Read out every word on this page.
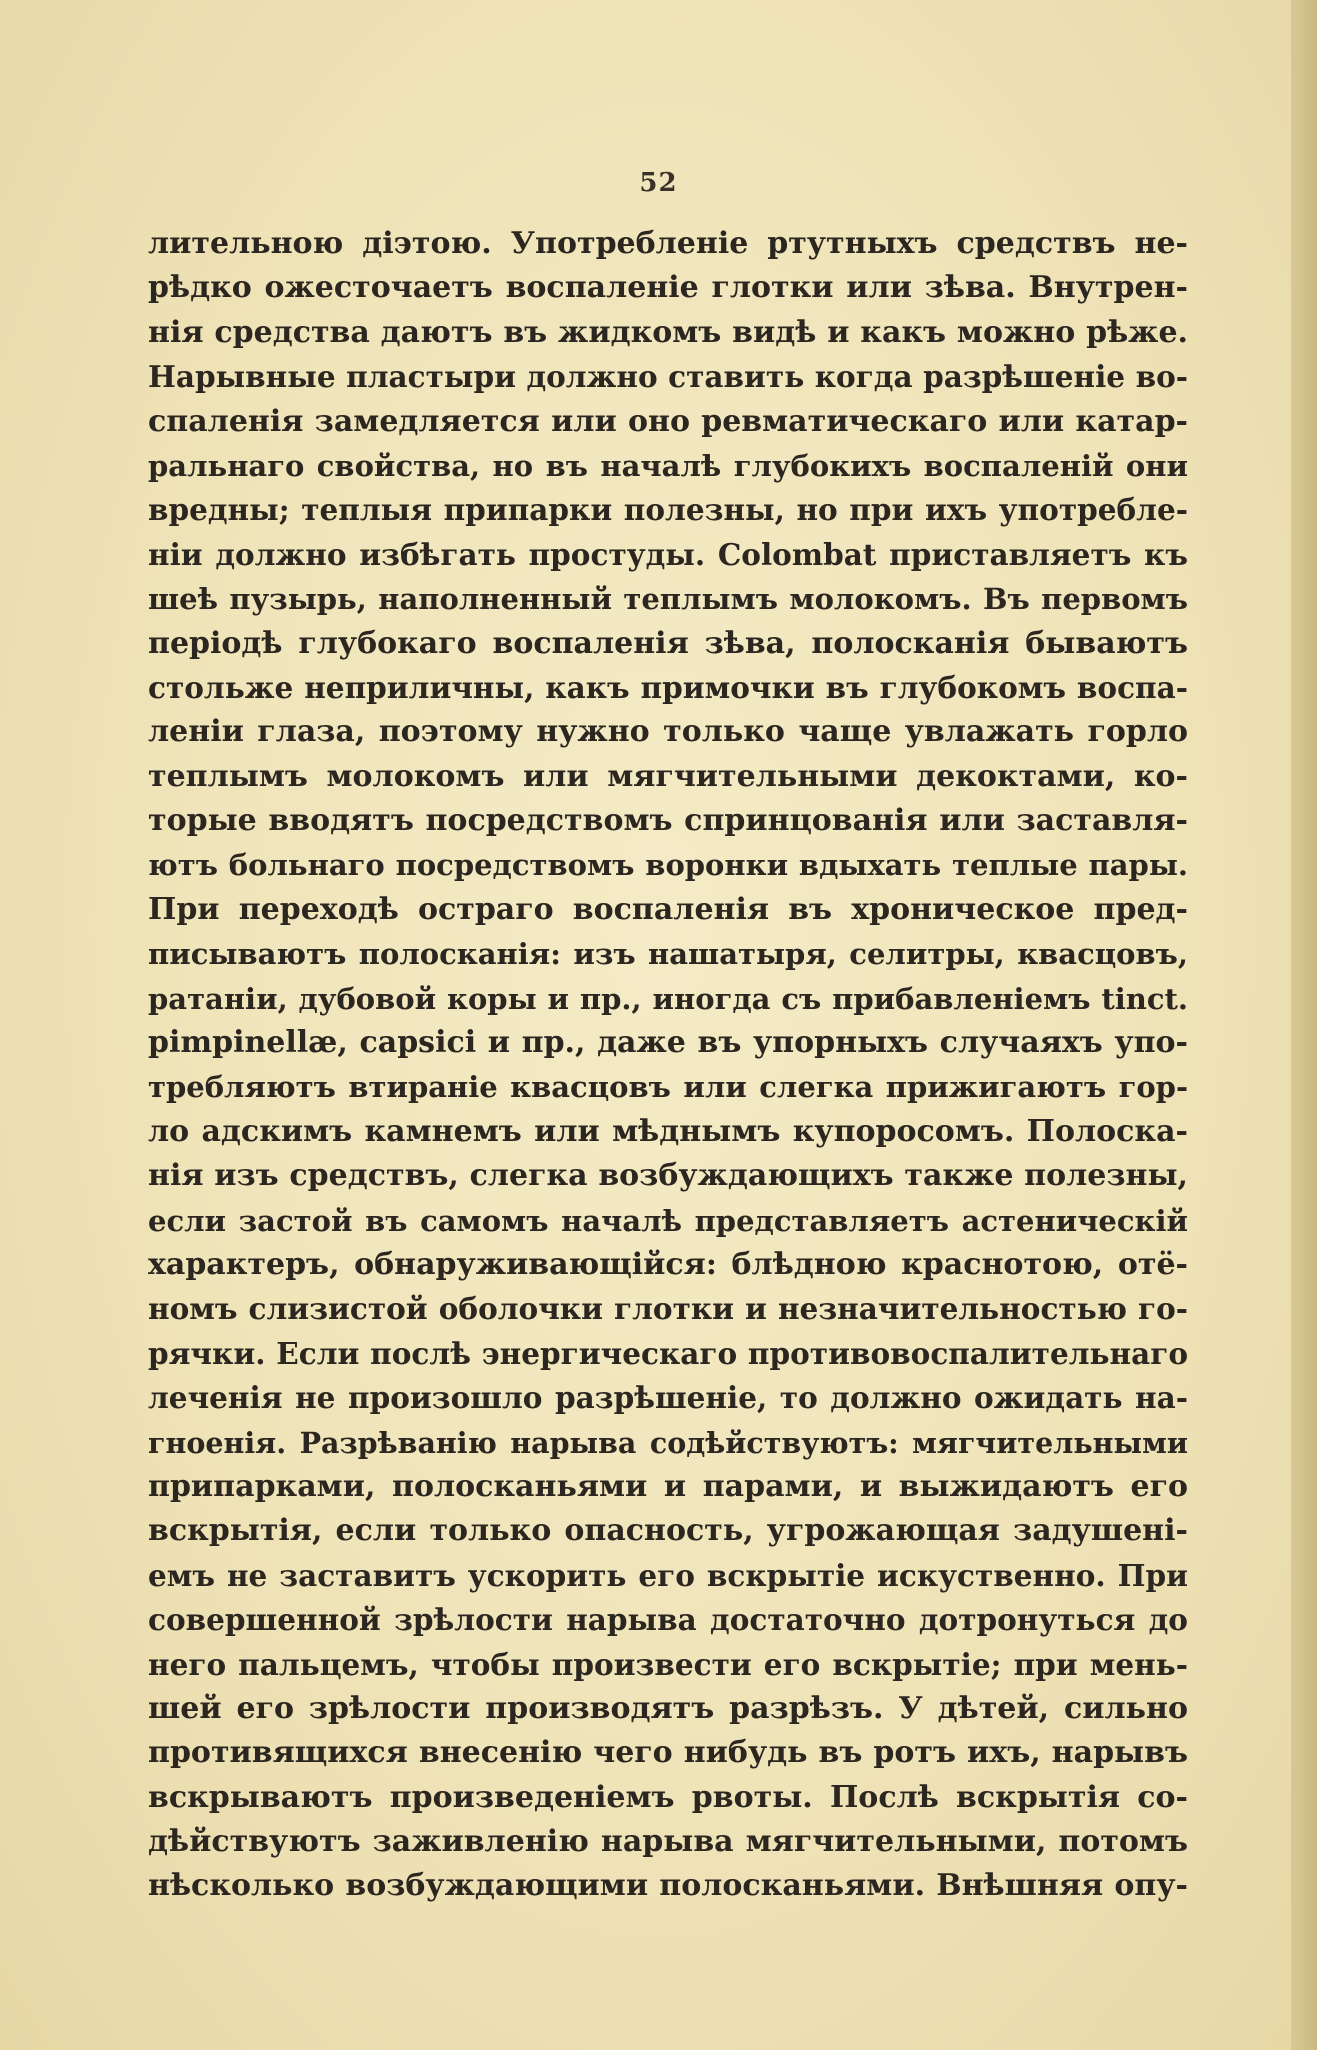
52
лительною діэтою. Употребленіе ртутныхъ средствъ не-
рѣдко ожесточаетъ воспаленіе глотки или зѣва. Внутрен-
нія средства даютъ въ жидкомъ видѣ и какъ можно рѣже.
Нарывные пластыри должно ставить когда разрѣшеніе во-
спаленія замедляется или оно ревматическаго или катар-
ральнаго свойства, но въ началѣ глубокихъ воспаленій они
вредны; теплыя припарки полезны, но при ихъ употребле-
ніи должно избѣгать простуды. Colombat приставляетъ къ
шеѣ пузырь, наполненный теплымъ молокомъ. Въ первомъ
періодѣ глубокаго воспаленія зѣва, полосканія бываютъ
стольже неприличны, какъ примочки въ глубокомъ воспа-
леніи глаза, поэтому нужно только чаще увлажать горло
теплымъ молокомъ или мягчительными декоктами, ко-
торые вводятъ посредствомъ спринцованія или заставля-
ютъ больнаго посредствомъ воронки вдыхать теплые пары.
При переходѣ остраго воспаленія въ хроническое пред-
писываютъ полосканія: изъ нашатыря, селитры, квасцовъ,
ратаніи, дубовой коры и пр., иногда съ прибавленіемъ tinct.
pimpinellæ, capsici и пр., даже въ упорныхъ случаяхъ упо-
требляютъ втираніе квасцовъ или слегка прижигаютъ гор-
ло адскимъ камнемъ или мѣднымъ купоросомъ. Полоска-
нія изъ средствъ, слегка возбуждающихъ также полезны,
если застой въ самомъ началѣ представляетъ астеническій
характеръ, обнаруживающійся: блѣдною краснотою, отё-
номъ слизистой оболочки глотки и незначительностью го-
рячки. Если послѣ энергическаго противовоспалительнаго
леченія не произошло разрѣшеніе, то должно ожидать на-
гноенія. Разрѣванію нарыва содѣйствуютъ: мягчительными
припарками, полосканьями и парами, и выжидаютъ его
вскрытія, если только опасность, угрожающая задушені-
емъ не заставитъ ускорить его вскрытіе искуственно. При
совершенной зрѣлости нарыва достаточно дотронуться до
него пальцемъ, чтобы произвести его вскрытіе; при мень-
шей его зрѣлости производятъ разрѣзъ. У дѣтей, сильно
противящихся внесенію чего нибудь въ ротъ ихъ, нарывъ
вскрываютъ произведеніемъ рвоты. Послѣ вскрытія со-
дѣйствуютъ заживленію нарыва мягчительными, потомъ
нѣсколько возбуждающими полосканьями. Внѣшняя опу-
